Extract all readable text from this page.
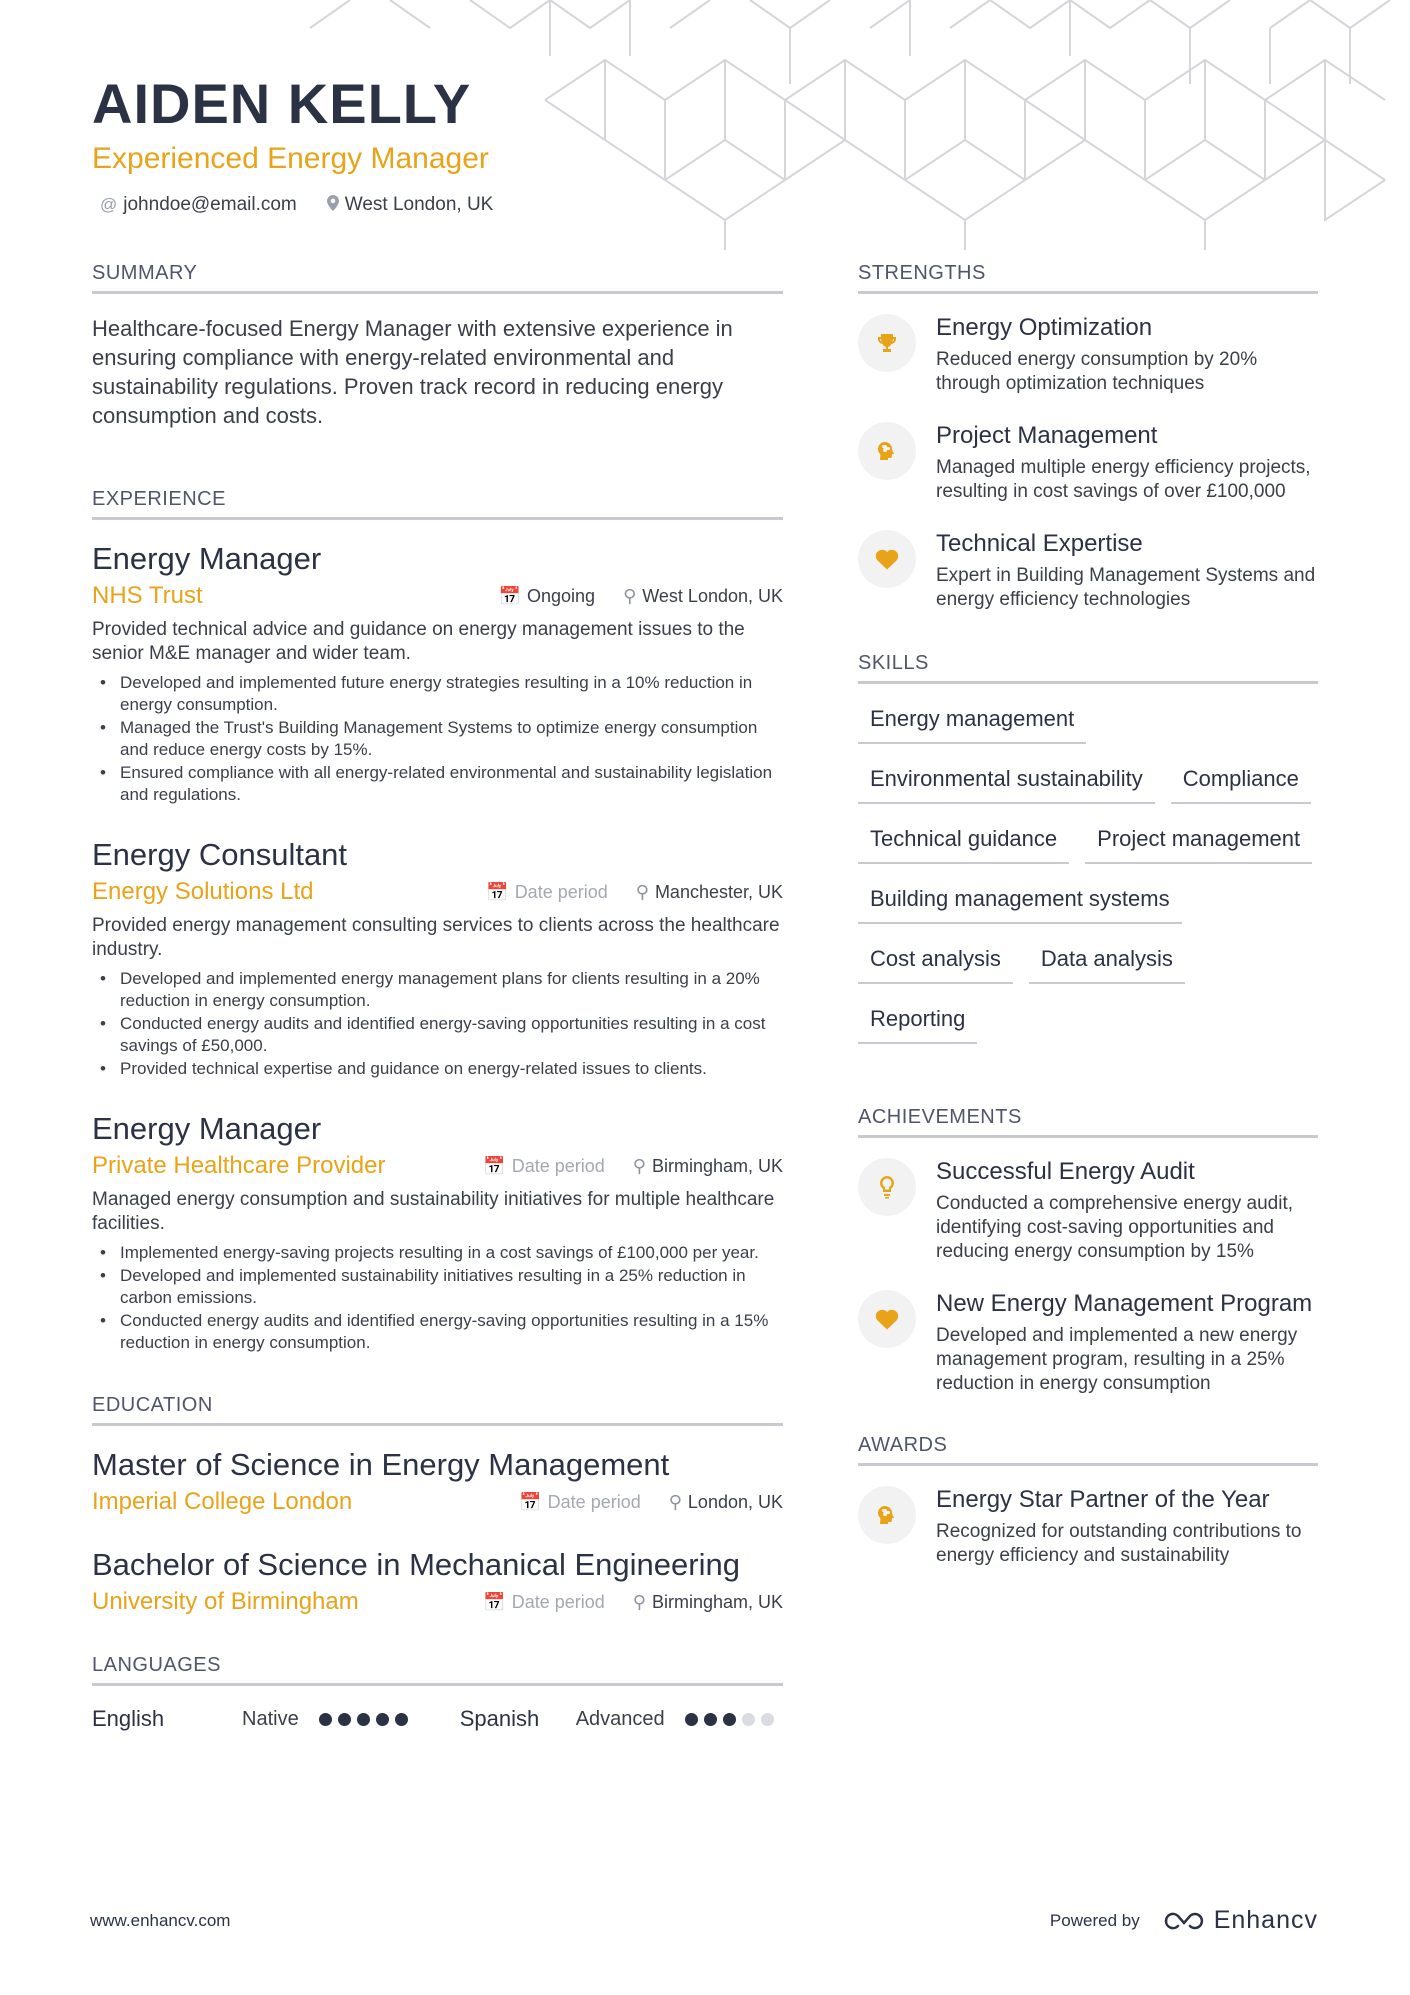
AIDEN KELLY
Experienced Energy Manager
@ johndoe@email.com	West London, UK
SUMMARY
Healthcare-focused Energy Manager with extensive experience in ensuring compliance with energy-related environmental and sustainability regulations. Proven track record in reducing energy consumption and costs.
EXPERIENCE
Energy Manager
NHS Trust	📅 Ongoing ⚲ West London, UK
Provided technical advice and guidance on energy management issues to the senior M&E manager and wider team.
• Developed and implemented future energy strategies resulting in a 10% reduction in energy consumption.
• Managed the Trust's Building Management Systems to optimize energy consumption and reduce energy costs by 15%.
• Ensured compliance with all energy-related environmental and sustainability legislation and regulations.
Energy Consultant
Energy Solutions Ltd	📅 Date period ⚲ Manchester, UK
Provided energy management consulting services to clients across the healthcare industry.
• Developed and implemented energy management plans for clients resulting in a 20% reduction in energy consumption.
• Conducted energy audits and identified energy-saving opportunities resulting in a cost savings of £50,000.
• Provided technical expertise and guidance on energy-related issues to clients.
Energy Manager
Private Healthcare Provider	📅 Date period ⚲ Birmingham, UK
Managed energy consumption and sustainability initiatives for multiple healthcare facilities.
• Implemented energy-saving projects resulting in a cost savings of £100,000 per year.
• Developed and implemented sustainability initiatives resulting in a 25% reduction in carbon emissions.
• Conducted energy audits and identified energy-saving opportunities resulting in a 15% reduction in energy consumption.
EDUCATION
Master of Science in Energy Management
Imperial College London	📅 Date period ⚲ London, UK
Bachelor of Science in Mechanical Engineering
University of Birmingham	📅 Date period ⚲ Birmingham, UK
LANGUAGES
English	Native	Spanish	Advanced
STRENGTHS
Energy Optimization
Reduced energy consumption by 20% through optimization techniques
Project Management
Managed multiple energy efficiency projects, resulting in cost savings of over £100,000
Technical Expertise
Expert in Building Management Systems and energy efficiency technologies
SKILLS
Energy management
Environmental sustainability	Compliance
Technical guidance	Project management
Building management systems
Cost analysis	Data analysis
Reporting
ACHIEVEMENTS
Successful Energy Audit
Conducted a comprehensive energy audit, identifying cost-saving opportunities and reducing energy consumption by 15%
New Energy Management Program
Developed and implemented a new energy management program, resulting in a 25% reduction in energy consumption
AWARDS
Energy Star Partner of the Year
Recognized for outstanding contributions to energy efficiency and sustainability
www.enhancv.com	Powered by	Enhancv
